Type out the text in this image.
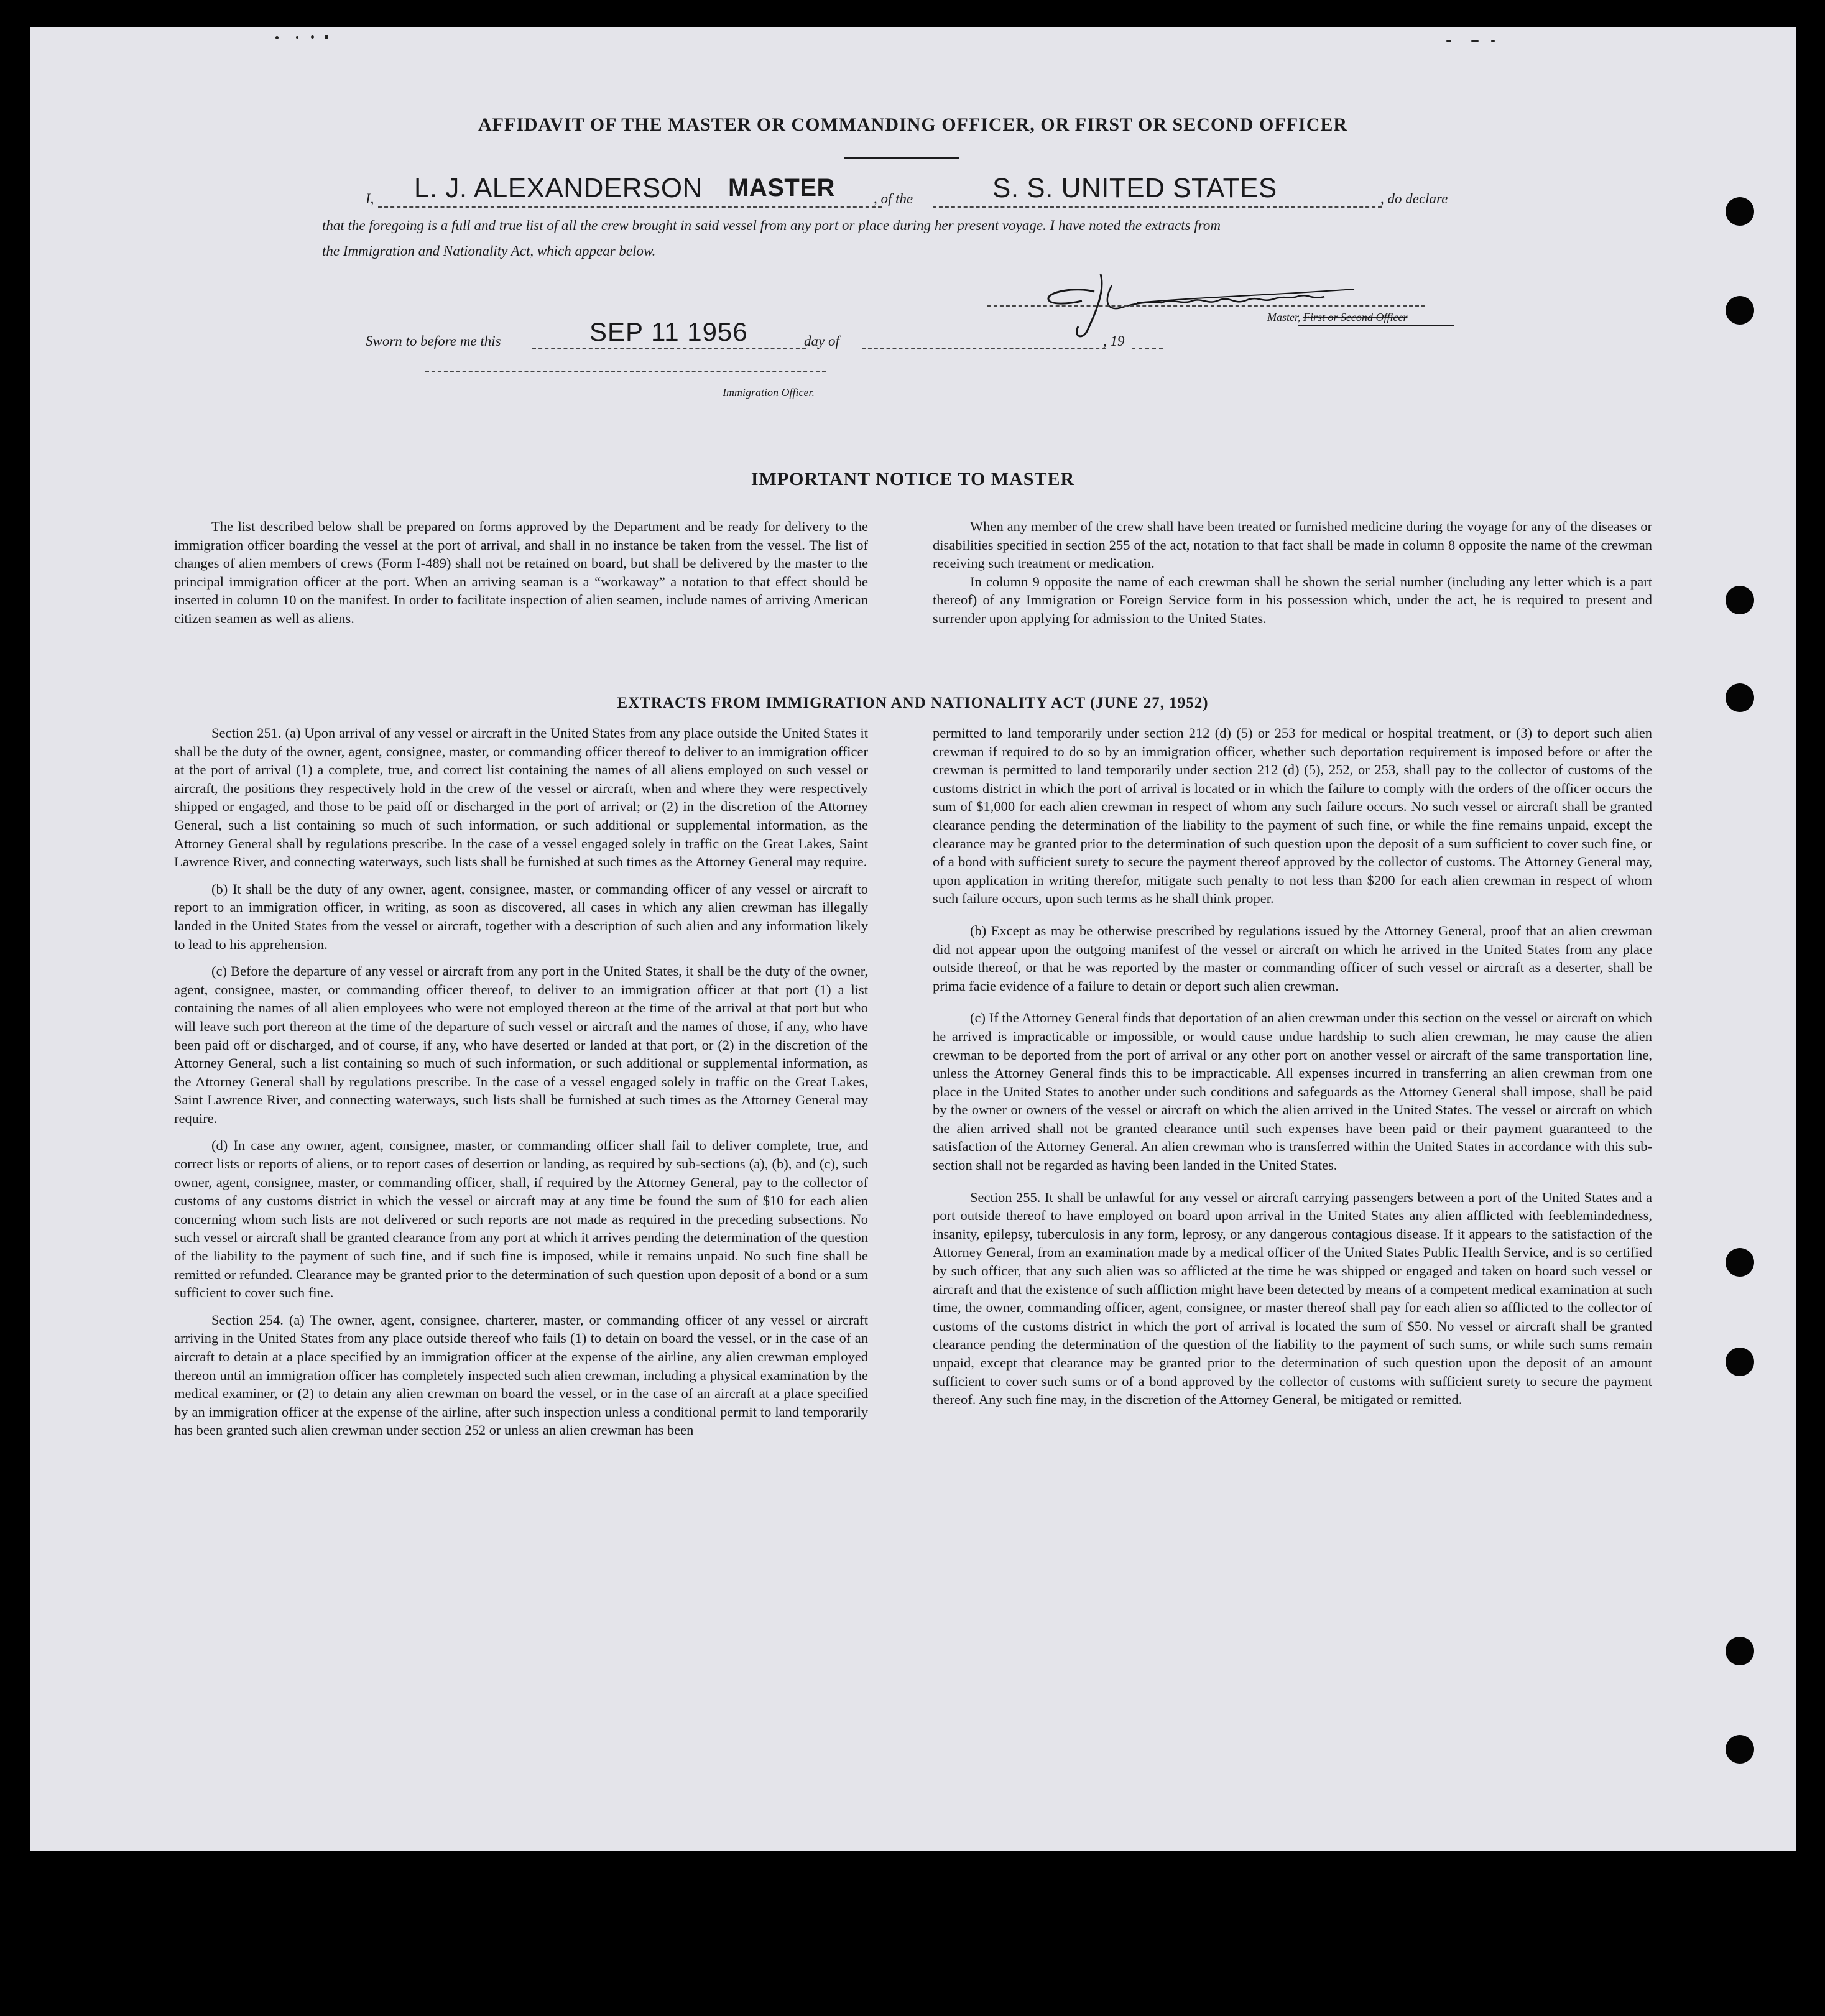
AFFIDAVIT OF THE MASTER OR COMMANDING OFFICER, OR FIRST OR SECOND OFFICER
I, L. J. ALEXANDERSON MASTER	, of the	S. S. UNITED STATES	, do declare
that the foregoing is a full and true list of all the crew brought in said vessel from any port or place during her present voyage. I have noted the extracts from
the Immigration and Nationality Act, which appear below.
Master, First or Second Officer
Sworn to before me this	SEP 11 1956	day of	, 19
Immigration Officer.
IMPORTANT NOTICE TO MASTER

The list described below shall be prepared on forms approved by the Department and be ready for delivery to the immigration officer boarding the vessel at the port of arrival, and shall in no instance be taken from the vessel. The list of changes of alien members of crews (Form I-489) shall not be retained on board, but shall be delivered by the master to the principal immigration officer at the port. When an arriving seaman is a “workaway” a notation to that effect should be inserted in column 10 on the manifest. In order to facilitate inspection of alien seamen, include names of arriving American citizen seamen as well as aliens.

When any member of the crew shall have been treated or furnished medicine during the voyage for any of the diseases or disabilities specified in section 255 of the act, notation to that fact shall be made in column 8 opposite the name of the crewman receiving such treatment or medication.

In column 9 opposite the name of each crewman shall be shown the serial number (including any letter which is a part thereof) of any Immigration or Foreign Service form in his possession which, under the act, he is required to present and surrender upon applying for admission to the United States.

EXTRACTS FROM IMMIGRATION AND NATIONALITY ACT (JUNE 27, 1952)

Section 251. (a) Upon arrival of any vessel or aircraft in the United States from any place outside the United States it shall be the duty of the owner, agent, consignee, master, or commanding officer thereof to deliver to an immigration officer at the port of arrival (1) a complete, true, and correct list containing the names of all aliens employed on such vessel or aircraft, the positions they respectively hold in the crew of the vessel or aircraft, when and where they were respectively shipped or engaged, and those to be paid off or discharged in the port of arrival; or (2) in the discretion of the Attorney General, such a list containing so much of such information, or such additional or supplemental information, as the Attorney General shall by regulations prescribe. In the case of a vessel engaged solely in traffic on the Great Lakes, Saint Lawrence River, and connecting waterways, such lists shall be furnished at such times as the Attorney General may require.

(b) It shall be the duty of any owner, agent, consignee, master, or commanding officer of any vessel or aircraft to report to an immigration officer, in writing, as soon as discovered, all cases in which any alien crewman has illegally landed in the United States from the vessel or aircraft, together with a description of such alien and any information likely to lead to his apprehension.

(c) Before the departure of any vessel or aircraft from any port in the United States, it shall be the duty of the owner, agent, consignee, master, or commanding officer thereof, to deliver to an immigration officer at that port (1) a list containing the names of all alien employees who were not employed thereon at the time of the arrival at that port but who will leave such port thereon at the time of the departure of such vessel or aircraft and the names of those, if any, who have been paid off or discharged, and of course, if any, who have deserted or landed at that port, or (2) in the discretion of the Attorney General, such a list containing so much of such information, or such additional or supplemental information, as the Attorney General shall by regulations prescribe. In the case of a vessel engaged solely in traffic on the Great Lakes, Saint Lawrence River, and connecting waterways, such lists shall be furnished at such times as the Attorney General may require.

(d) In case any owner, agent, consignee, master, or commanding officer shall fail to deliver complete, true, and correct lists or reports of aliens, or to report cases of desertion or landing, as required by sub-sections (a), (b), and (c), such owner, agent, consignee, master, or commanding officer, shall, if required by the Attorney General, pay to the collector of customs of any customs district in which the vessel or aircraft may at any time be found the sum of $10 for each alien concerning whom such lists are not delivered or such reports are not made as required in the preceding subsections. No such vessel or aircraft shall be granted clearance from any port at which it arrives pending the determination of the question of the liability to the payment of such fine, and if such fine is imposed, while it remains unpaid. No such fine shall be remitted or refunded. Clearance may be granted prior to the determination of such question upon deposit of a bond or a sum sufficient to cover such fine.

Section 254. (a) The owner, agent, consignee, charterer, master, or commanding officer of any vessel or aircraft arriving in the United States from any place outside thereof who fails (1) to detain on board the vessel, or in the case of an aircraft to detain at a place specified by an immigration officer at the expense of the airline, any alien crewman employed thereon until an immigration officer has completely inspected such alien crewman, including a physical examination by the medical examiner, or (2) to detain any alien crewman on board the vessel, or in the case of an aircraft at a place specified by an immigration officer at the expense of the airline, after such inspection unless a conditional permit to land temporarily has been granted such alien crewman under section 252 or unless an alien crewman has been

permitted to land temporarily under section 212 (d) (5) or 253 for medical or hospital treatment, or (3) to deport such alien crewman if required to do so by an immigration officer, whether such deportation requirement is imposed before or after the crewman is permitted to land temporarily under section 212 (d) (5), 252, or 253, shall pay to the collector of customs of the customs district in which the port of arrival is located or in which the failure to comply with the orders of the officer occurs the sum of $1,000 for each alien crewman in respect of whom any such failure occurs. No such vessel or aircraft shall be granted clearance pending the determination of the liability to the payment of such fine, or while the fine remains unpaid, except the clearance may be granted prior to the determination of such question upon the deposit of a sum sufficient to cover such fine, or of a bond with sufficient surety to secure the payment thereof approved by the collector of customs. The Attorney General may, upon application in writing therefor, mitigate such penalty to not less than $200 for each alien crewman in respect of whom such failure occurs, upon such terms as he shall think proper.

(b) Except as may be otherwise prescribed by regulations issued by the Attorney General, proof that an alien crewman did not appear upon the outgoing manifest of the vessel or aircraft on which he arrived in the United States from any place outside thereof, or that he was reported by the master or commanding officer of such vessel or aircraft as a deserter, shall be prima facie evidence of a failure to detain or deport such alien crewman.

(c) If the Attorney General finds that deportation of an alien crewman under this section on the vessel or aircraft on which he arrived is impracticable or impossible, or would cause undue hardship to such alien crewman, he may cause the alien crewman to be deported from the port of arrival or any other port on another vessel or aircraft of the same transportation line, unless the Attorney General finds this to be impracticable. All expenses incurred in transferring an alien crewman from one place in the United States to another under such conditions and safeguards as the Attorney General shall impose, shall be paid by the owner or owners of the vessel or aircraft on which the alien arrived in the United States. The vessel or aircraft on which the alien arrived shall not be granted clearance until such expenses have been paid or their payment guaranteed to the satisfaction of the Attorney General. An alien crewman who is transferred within the United States in accordance with this sub-section shall not be regarded as having been landed in the United States.

Section 255. It shall be unlawful for any vessel or aircraft carrying passengers between a port of the United States and a port outside thereof to have employed on board upon arrival in the United States any alien afflicted with feeblemindedness, insanity, epilepsy, tuberculosis in any form, leprosy, or any dangerous contagious disease. If it appears to the satisfaction of the Attorney General, from an examination made by a medical officer of the United States Public Health Service, and is so certified by such officer, that any such alien was so afflicted at the time he was shipped or engaged and taken on board such vessel or aircraft and that the existence of such affliction might have been detected by means of a competent medical examination at such time, the owner, commanding officer, agent, consignee, or master thereof shall pay for each alien so afflicted to the collector of customs of the customs district in which the port of arrival is located the sum of $50. No vessel or aircraft shall be granted clearance pending the determination of the question of the liability to the payment of such sums, or while such sums remain unpaid, except that clearance may be granted prior to the determination of such question upon the deposit of an amount sufficient to cover such sums or of a bond approved by the collector of customs with sufficient surety to secure the payment thereof. Any such fine may, in the discretion of the Attorney General, be mitigated or remitted.
